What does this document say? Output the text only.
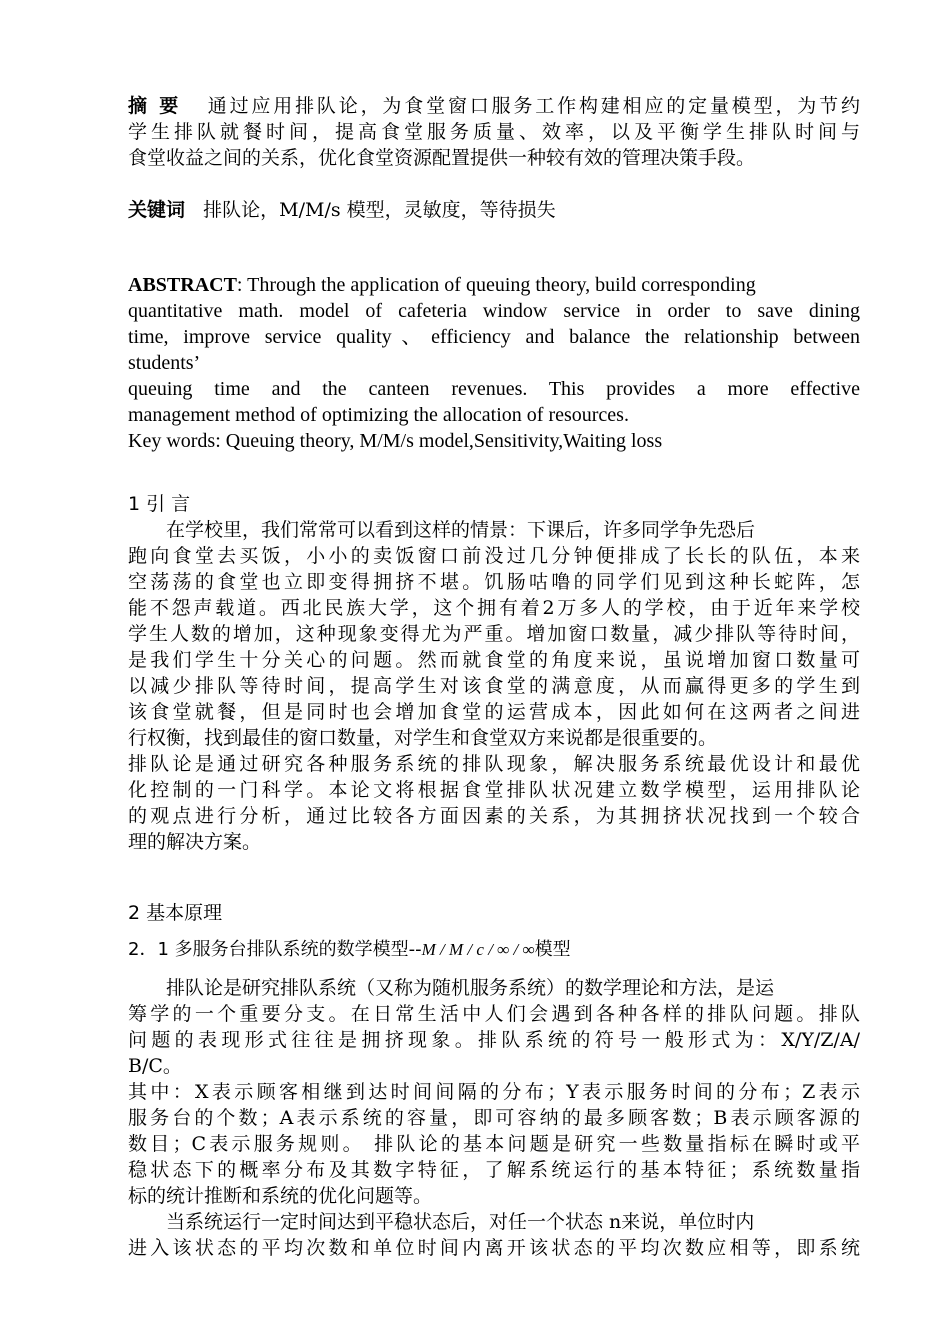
摘 要 通过应用排队论，为食堂窗口服务工作构建相应的定量模型，为节约
学生排队就餐时间，提高食堂服务质量、效率，以及平衡学生排队时间与
食堂收益之间的关系，优化食堂资源配置提供一种较有效的管理决策手段。
关键词 排队论，M/M/s 模型，灵敏度，等待损失
ABSTRACT: Through the application of queuing theory, build corresponding
quantitative math. model of cafeteria window service in order to save dining
time, improve service quality、efficiency and balance the relationship between
students’
queuing time and the canteen revenues. This provides a more effective
management method of optimizing the allocation of resources.
Key words: Queuing theory, M/M/s model,Sensitivity,Waiting loss
1 引 言
在学校里，我们常常可以看到这样的情景：下课后，许多同学争先恐后
跑向食堂去买饭，小小的卖饭窗口前没过几分钟便排成了长长的队伍，本来
空荡荡的食堂也立即变得拥挤不堪。饥肠咕噜的同学们见到这种长蛇阵，怎
能不怨声载道。西北民族大学，这个拥有着2万多人的学校，由于近年来学校
学生人数的增加，这种现象变得尤为严重。增加窗口数量，减少排队等待时间，
是我们学生十分关心的问题。然而就食堂的角度来说，虽说增加窗口数量可
以减少排队等待时间，提高学生对该食堂的满意度，从而赢得更多的学生到
该食堂就餐，但是同时也会增加食堂的运营成本，因此如何在这两者之间进
行权衡，找到最佳的窗口数量，对学生和食堂双方来说都是很重要的。
排队论是通过研究各种服务系统的排队现象，解决服务系统最优设计和最优
化控制的一门科学。本论文将根据食堂排队状况建立数学模型，运用排队论
的观点进行分析，通过比较各方面因素的关系，为其拥挤状况找到一个较合
理的解决方案。
2 基本原理
2．1 多服务台排队系统的数学模型--M / M / c / ∞ / ∞模型
排队论是研究排队系统（又称为随机服务系统）的数学理论和方法，是运
筹学的一个重要分支。在日常生活中人们会遇到各种各样的排队问题。排队
问题的表现形式往往是拥挤现象。排队系统的符号一般形式为：X/Y/Z/A/
B/C。
其中：X表示顾客相继到达时间间隔的分布；Y表示服务时间的分布；Z表示
服务台的个数；A表示系统的容量，即可容纳的最多顾客数；B表示顾客源的
数目；C表示服务规则。 排队论的基本问题是研究一些数量指标在瞬时或平
稳状态下的概率分布及其数字特征，了解系统运行的基本特征；系统数量指
标的统计推断和系统的优化问题等。
当系统运行一定时间达到平稳状态后，对任一个状态 n来说，单位时内
进入该状态的平均次数和单位时间内离开该状态的平均次数应相等，即系统
